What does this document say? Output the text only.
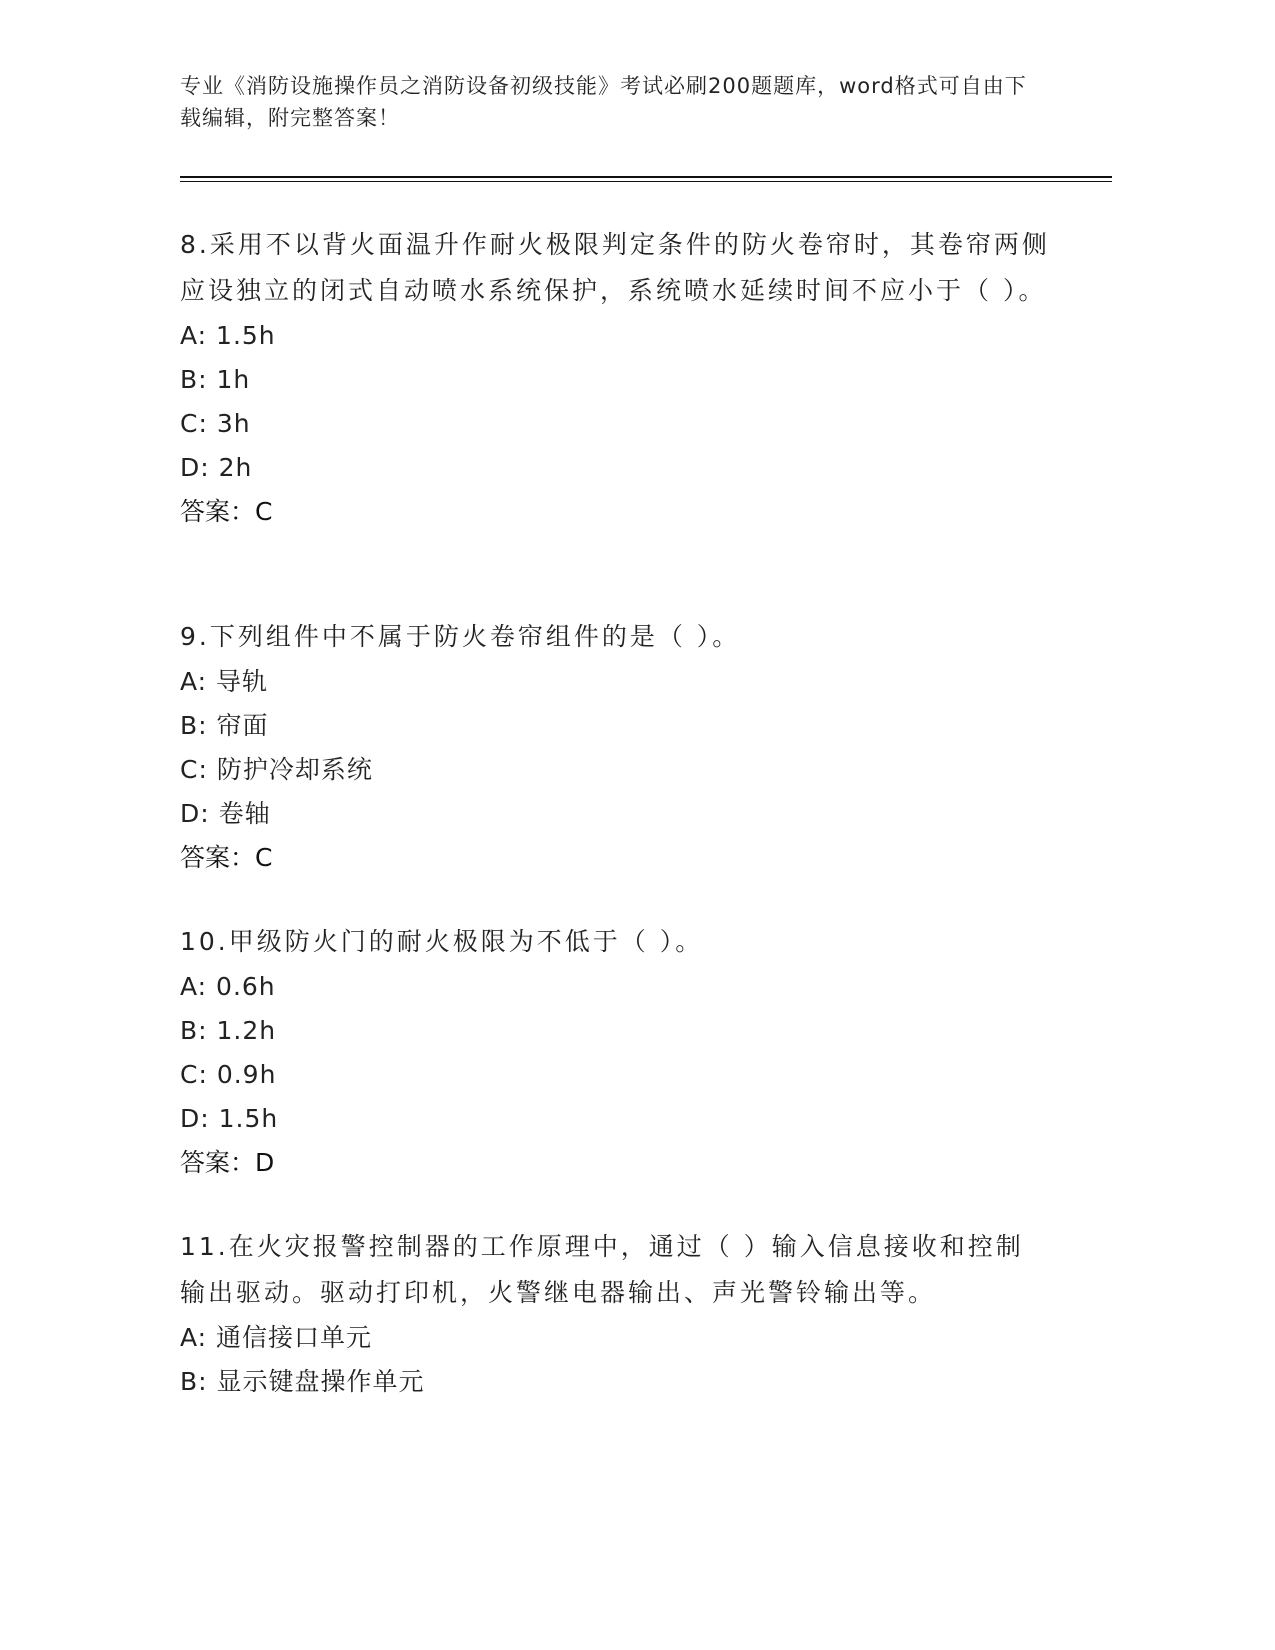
专业《消防设施操作员之消防设备初级技能》考试必刷200题题库，word格式可自由下载编辑，附完整答案！
8.采用不以背火面温升作耐火极限判定条件的防火卷帘时，其卷帘两侧应设独立的闭式自动喷水系统保护，系统喷水延续时间不应小于（ ）。
A: 1.5h
B: 1h
C: 3h
D: 2h
答案：C
9.下列组件中不属于防火卷帘组件的是（ ）。
A: 导轨
B: 帘面
C: 防护冷却系统
D: 卷轴
答案：C
10.甲级防火门的耐火极限为不低于（ ）。
A: 0.6h
B: 1.2h
C: 0.9h
D: 1.5h
答案：D
11.在火灾报警控制器的工作原理中，通过（ ）输入信息接收和控制输出驱动。驱动打印机，火警继电器输出、声光警铃输出等。
A: 通信接口单元
B: 显示键盘操作单元
